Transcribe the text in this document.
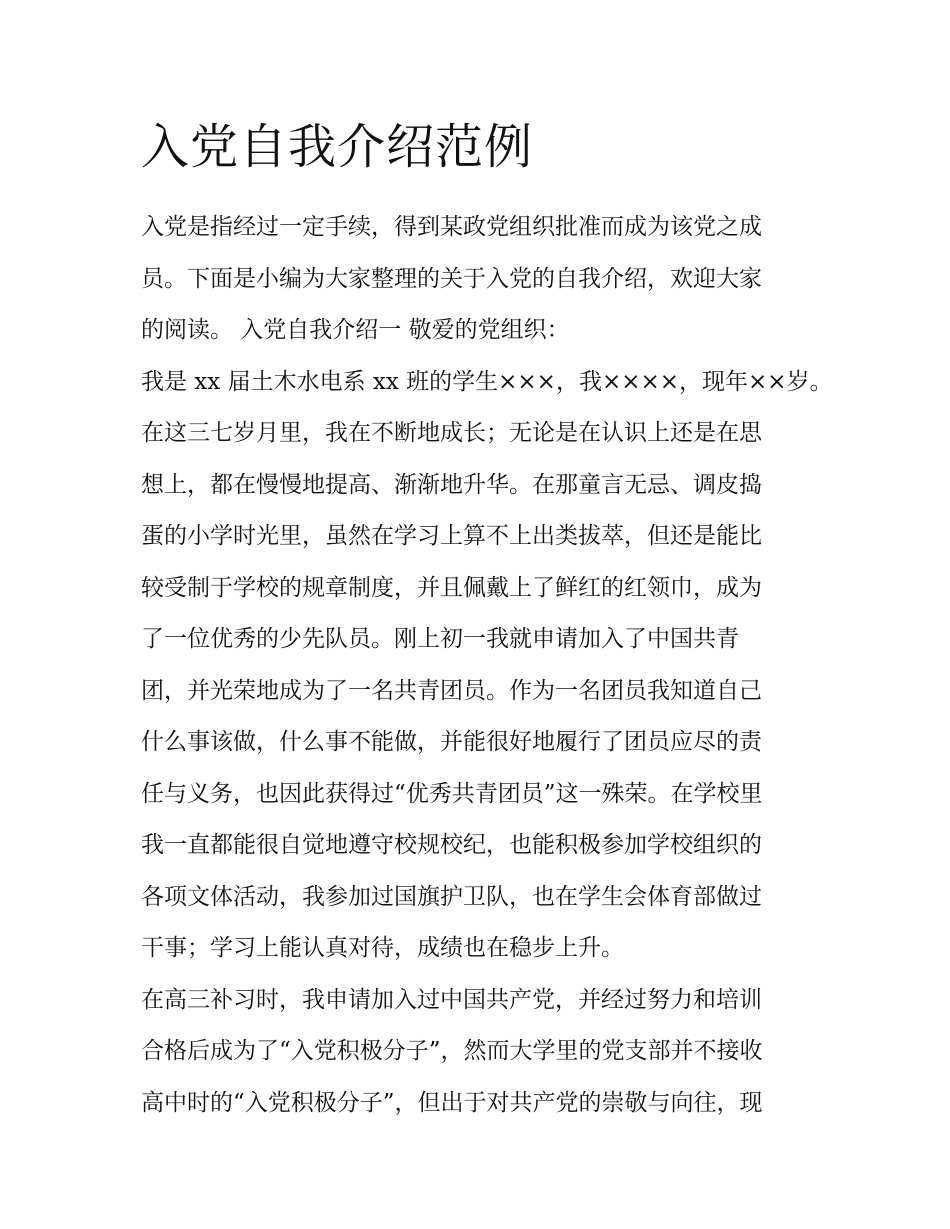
入党自我介绍范例

入党是指经过一定手续，得到某政党组织批准而成为该党之成

员。下面是小编为大家整理的关于入党的自我介绍，欢迎大家

的阅读。 入党自我介绍一 敬爱的党组织：

我是 xx 届土木水电系 xx 班的学生×××，我××××，现年××岁。

在这三七岁月里，我在不断地成长；无论是在认识上还是在思

想上，都在慢慢地提高、渐渐地升华。在那童言无忌、调皮捣

蛋的小学时光里，虽然在学习上算不上出类拔萃，但还是能比

较受制于学校的规章制度，并且佩戴上了鲜红的红领巾，成为

了一位优秀的少先队员。刚上初一我就申请加入了中国共青

团，并光荣地成为了一名共青团员。作为一名团员我知道自己

什么事该做，什么事不能做，并能很好地履行了团员应尽的责

任与义务，也因此获得过“优秀共青团员”这一殊荣。在学校里

我一直都能很自觉地遵守校规校纪，也能积极参加学校组织的

各项文体活动，我参加过国旗护卫队，也在学生会体育部做过

干事；学习上能认真对待，成绩也在稳步上升。

在高三补习时，我申请加入过中国共产党，并经过努力和培训

合格后成为了“入党积极分子”，然而大学里的党支部并不接收

高中时的“入党积极分子”，但出于对共产党的崇敬与向往，现
